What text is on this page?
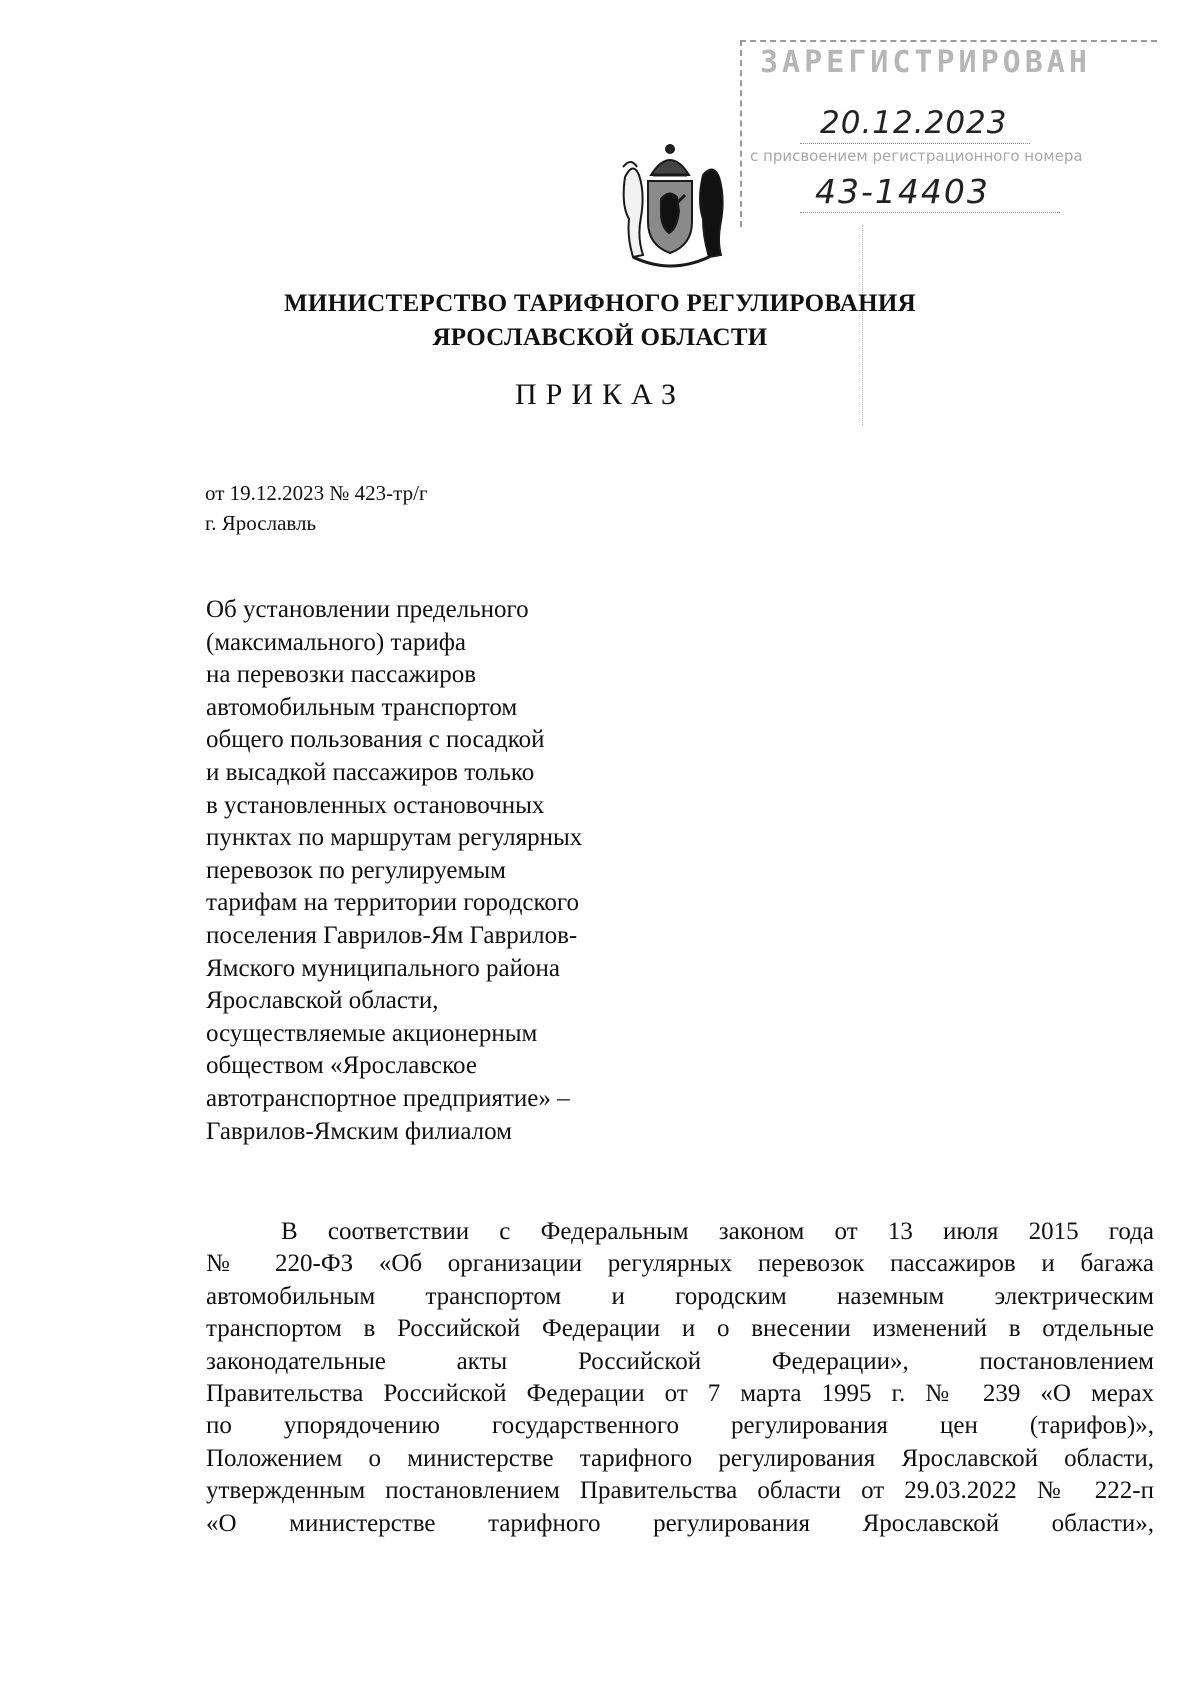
ЗАРЕГИСТРИРОВАН
20.12.2023
с присвоением регистрационного номера
43-14403
МИНИСТЕРСТВО ТАРИФНОГО РЕГУЛИРОВАНИЯ
ЯРОСЛАВСКОЙ ОБЛАСТИ
ПРИКАЗ
от 19.12.2023 № 423-тр/г
г. Ярославль
Об установлении предельного
(максимального) тарифа
на перевозки пассажиров
автомобильным транспортом
общего пользования с посадкой
и высадкой пассажиров только
в установленных остановочных
пунктах по маршрутам регулярных
перевозок по регулируемым
тарифам на территории городского
поселения Гаврилов-Ям Гаврилов-
Ямского муниципального района
Ярославской области,
осуществляемые акционерным
обществом «Ярославское
автотранспортное предприятие» –
Гаврилов-Ямским филиалом
В соответствии с Федеральным законом от 13 июля 2015 года
№ 220-ФЗ «Об организации регулярных перевозок пассажиров и багажа
автомобильным транспортом и городским наземным электрическим
транспортом в Российской Федерации и о внесении изменений в отдельные
законодательные акты Российской Федерации», постановлением
Правительства Российской Федерации от 7 марта 1995 г. № 239 «О мерах
по упорядочению государственного регулирования цен (тарифов)»,
Положением о министерстве тарифного регулирования Ярославской области,
утвержденным постановлением Правительства области от 29.03.2022 № 222-п
«О министерстве тарифного регулирования Ярославской области»,
